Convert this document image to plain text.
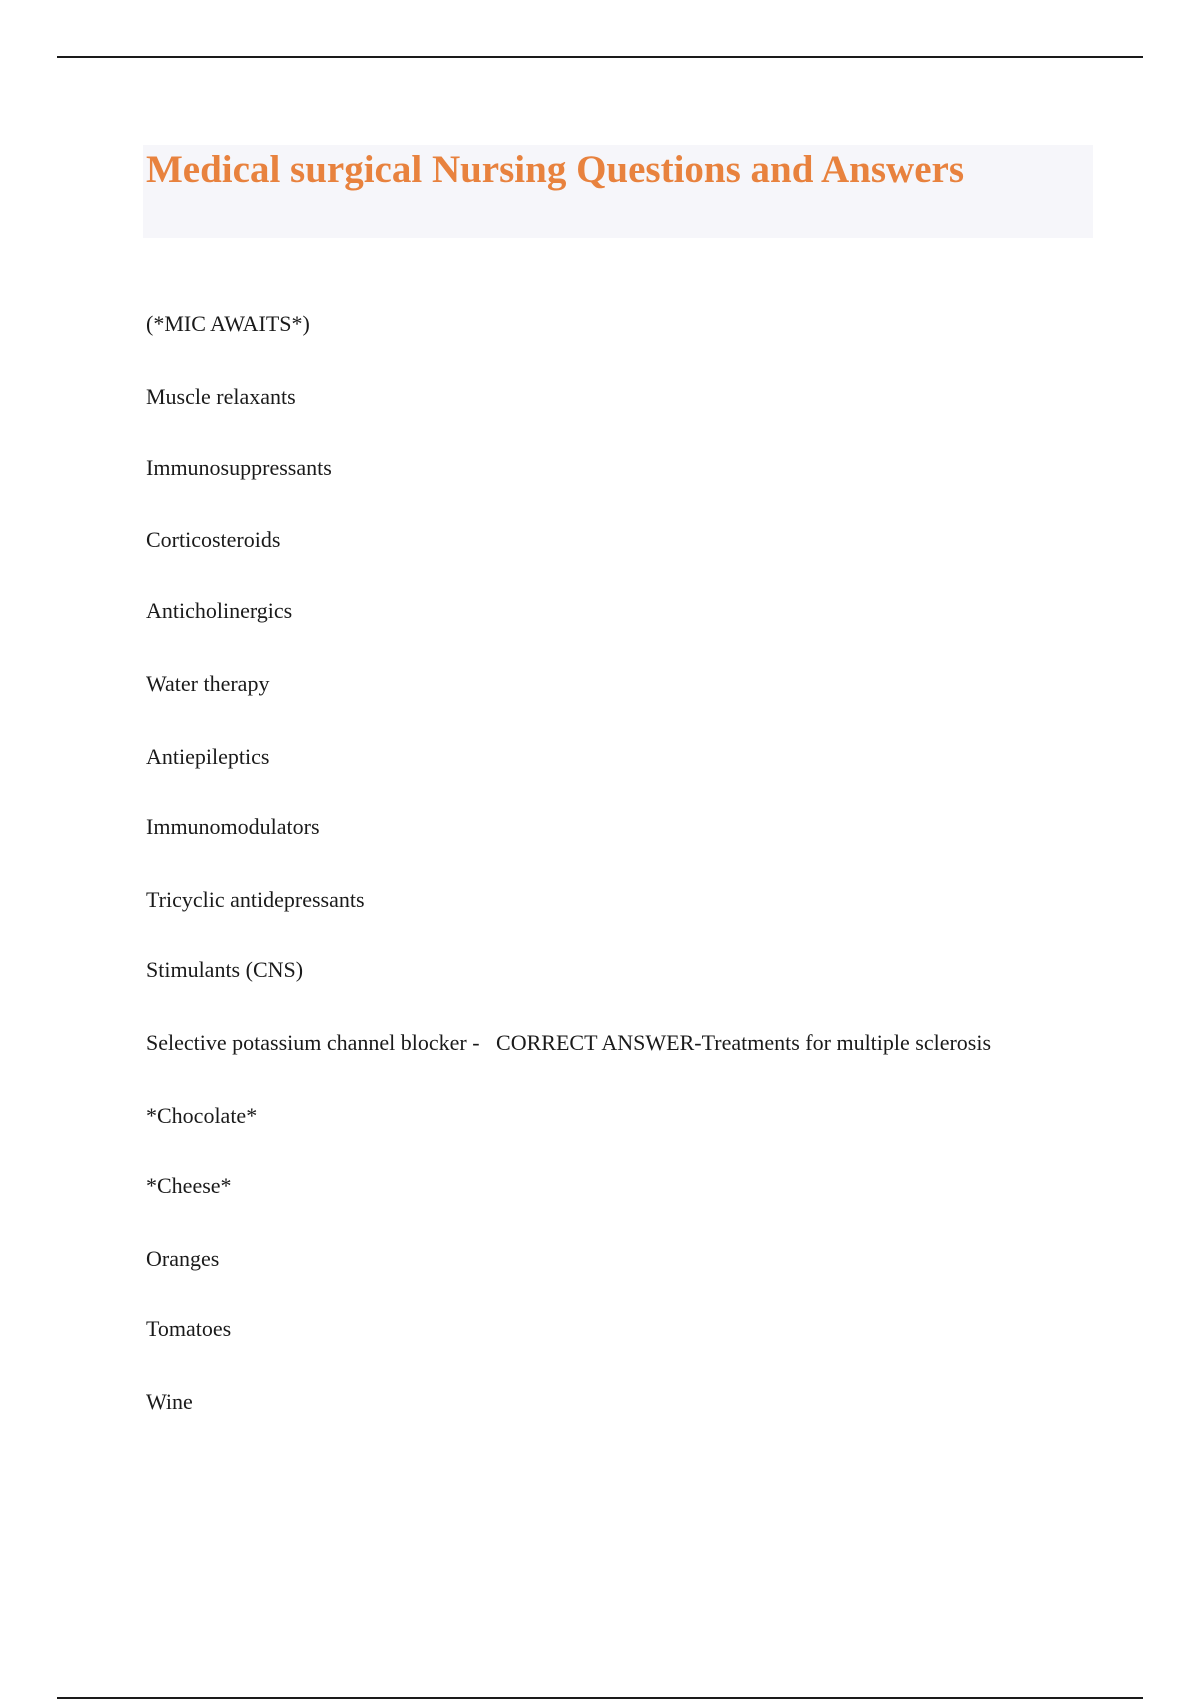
Medical surgical Nursing Questions and Answers
(*MIC AWAITS*)
Muscle relaxants
Immunosuppressants
Corticosteroids
Anticholinergics
Water therapy
Antiepileptics
Immunomodulators
Tricyclic antidepressants
Stimulants (CNS)
Selective potassium channel blocker -   CORRECT ANSWER-Treatments for multiple sclerosis
*Chocolate*
*Cheese*
Oranges
Tomatoes
Wine
